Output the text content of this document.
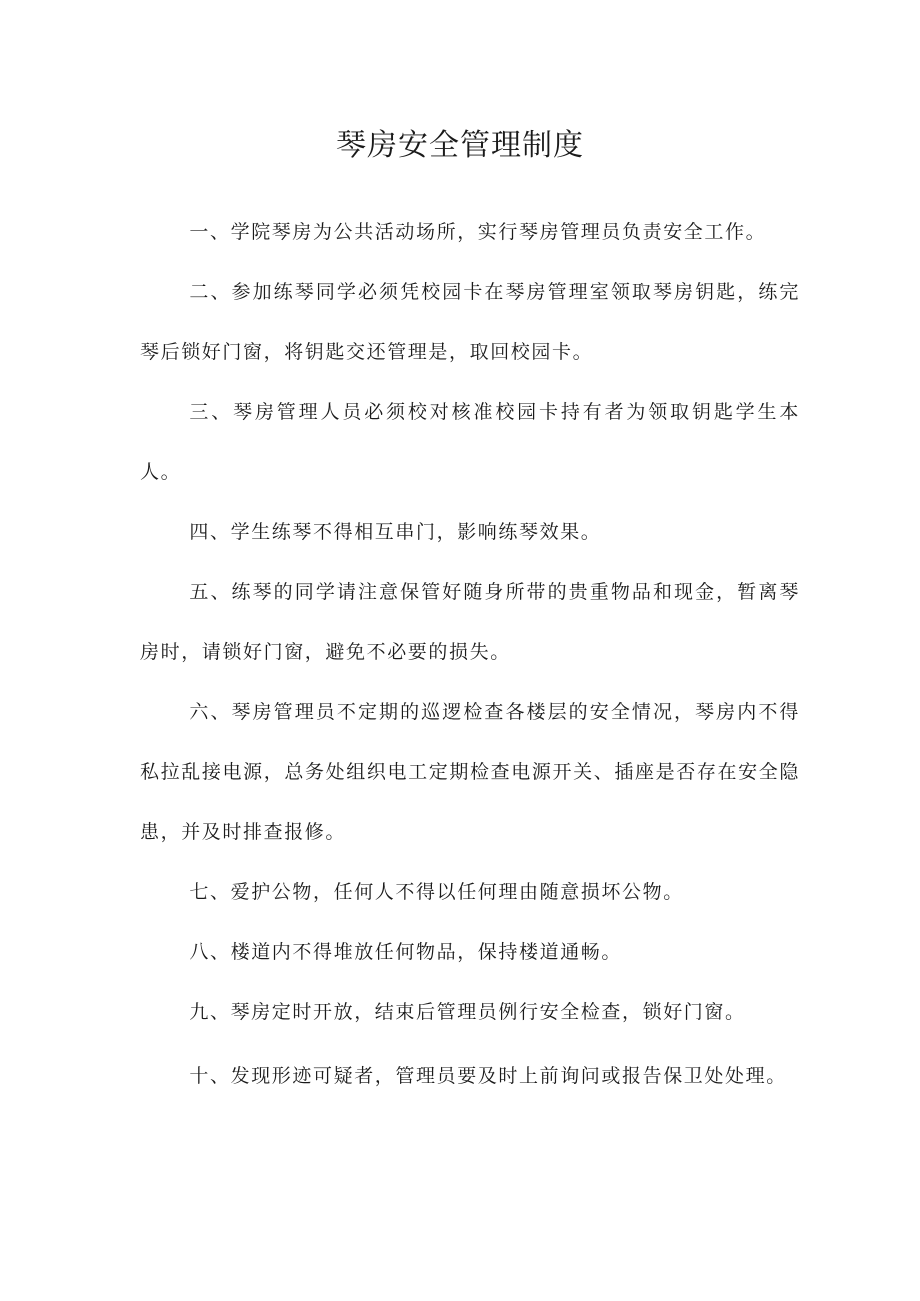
琴房安全管理制度

一、学院琴房为公共活动场所，实行琴房管理员负责安全工作。

二、参加练琴同学必须凭校园卡在琴房管理室领取琴房钥匙，练完琴后锁好门窗，将钥匙交还管理是，取回校园卡。

三、琴房管理人员必须校对核准校园卡持有者为领取钥匙学生本人。

四、学生练琴不得相互串门，影响练琴效果。

五、练琴的同学请注意保管好随身所带的贵重物品和现金，暂离琴房时，请锁好门窗，避免不必要的损失。

六、琴房管理员不定期的巡逻检查各楼层的安全情况，琴房内不得私拉乱接电源，总务处组织电工定期检查电源开关、插座是否存在安全隐患，并及时排查报修。

七、爱护公物，任何人不得以任何理由随意损坏公物。

八、楼道内不得堆放任何物品，保持楼道通畅。

九、琴房定时开放，结束后管理员例行安全检查，锁好门窗。

十、发现形迹可疑者，管理员要及时上前询问或报告保卫处处理。
